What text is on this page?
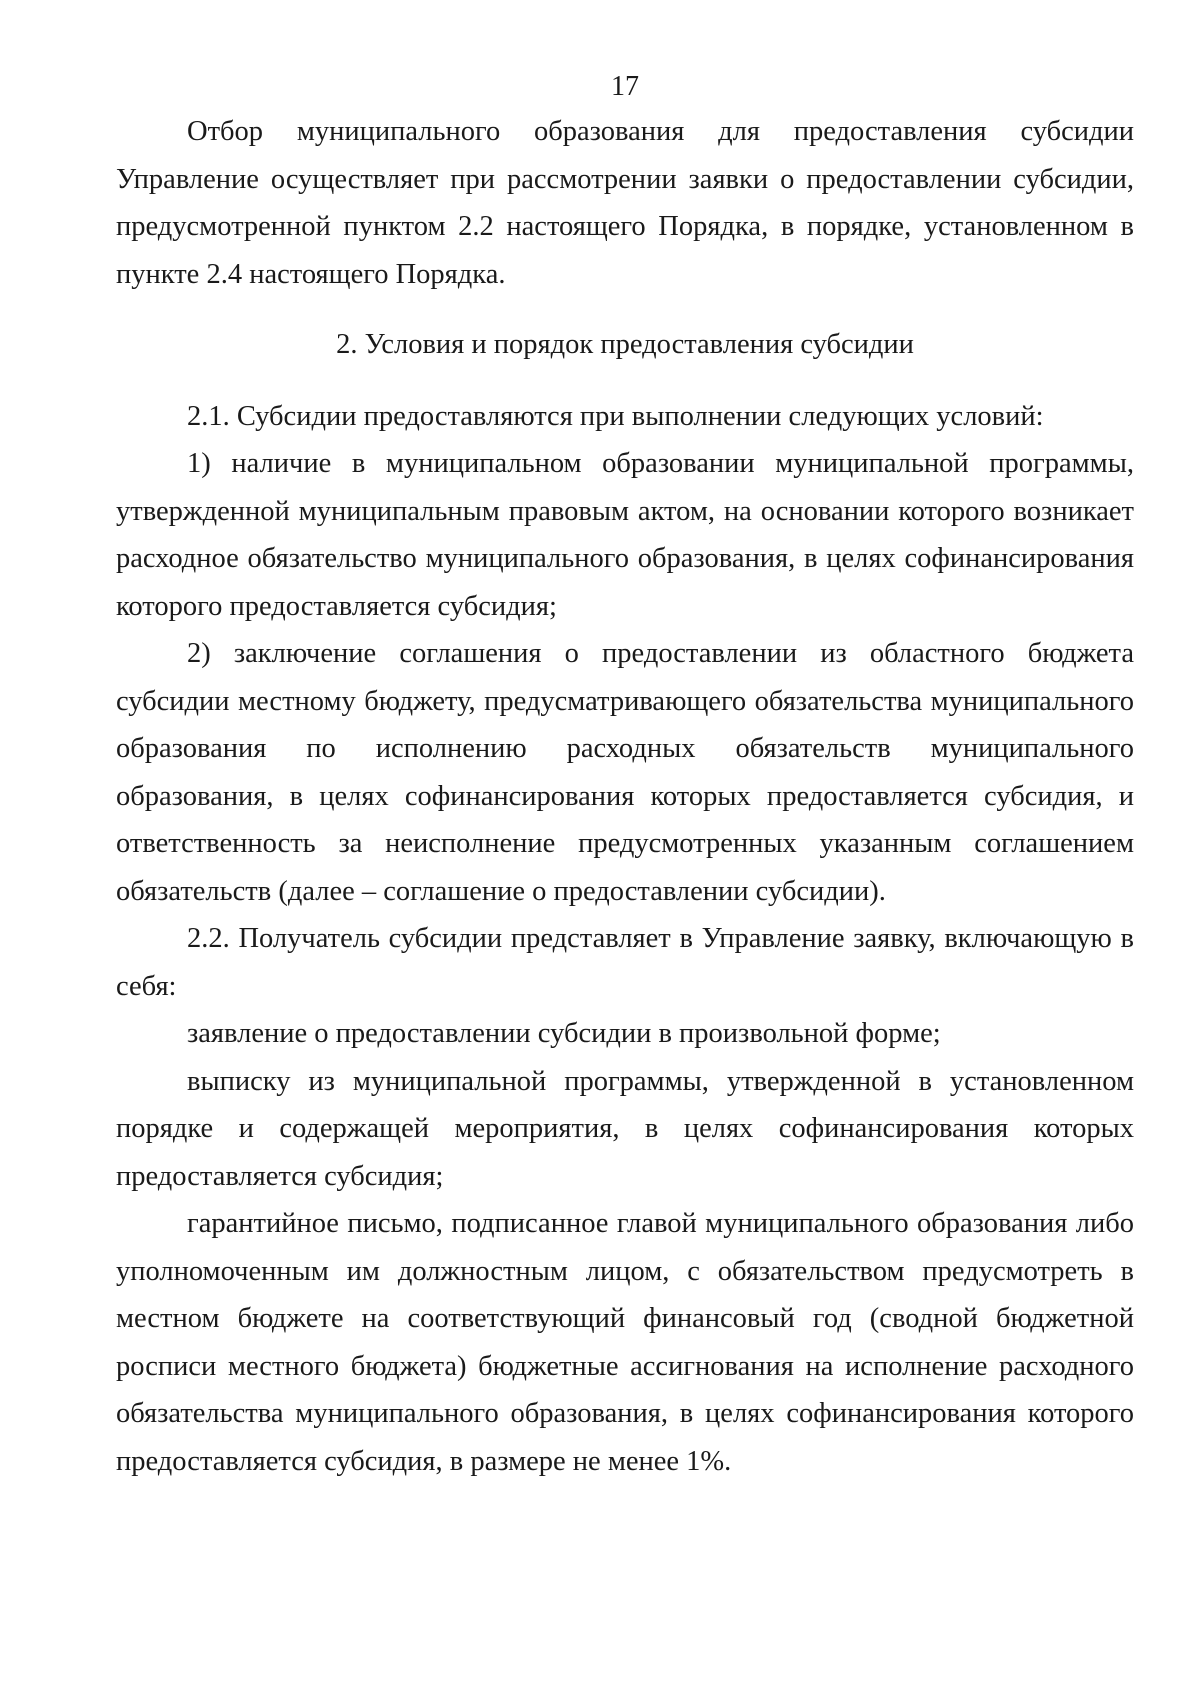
17

Отбор муниципального образования для предоставления субсидии Управление осуществляет при рассмотрении заявки о предоставлении субсидии, предусмотренной пунктом 2.2 настоящего Порядка, в порядке, установленном в пункте 2.4 настоящего Порядка.

2. Условия и порядок предоставления субсидии

2.1. Субсидии предоставляются при выполнении следующих условий:

1) наличие в муниципальном образовании муниципальной программы, утвержденной муниципальным правовым актом, на основании которого возникает расходное обязательство муниципального образования, в целях софинансирования которого предоставляется субсидия;

2) заключение соглашения о предоставлении из областного бюджета субсидии местному бюджету, предусматривающего обязательства муниципального образования по исполнению расходных обязательств муниципального образования, в целях софинансирования которых предоставляется субсидия, и ответственность за неисполнение предусмотренных указанным соглашением обязательств (далее – соглашение о предоставлении субсидии).

2.2. Получатель субсидии представляет в Управление заявку, включающую в себя:

заявление о предоставлении субсидии в произвольной форме;

выписку из муниципальной программы, утвержденной в установленном порядке и содержащей мероприятия, в целях софинансирования которых предоставляется субсидия;

гарантийное письмо, подписанное главой муниципального образования либо уполномоченным им должностным лицом, с обязательством предусмотреть в местном бюджете на соответствующий финансовый год (сводной бюджетной росписи местного бюджета) бюджетные ассигнования на исполнение расходного обязательства муниципального образования, в целях софинансирования которого предоставляется субсидия, в размере не менее 1%.
